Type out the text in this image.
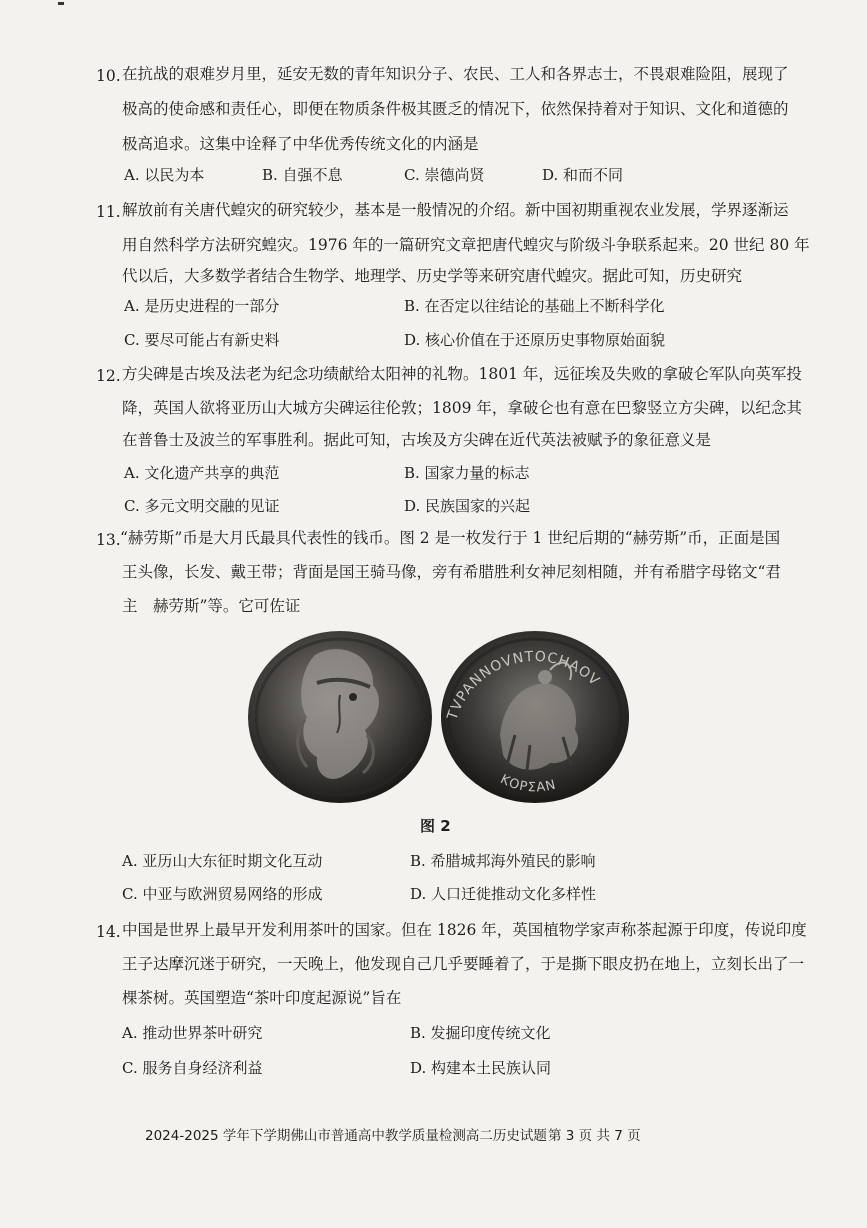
10. 在抗战的艰难岁月里，延安无数的青年知识分子、农民、工人和各界志士，不畏艰难险阻，展现了
极高的使命感和责任心，即便在物质条件极其匮乏的情况下，依然保持着对于知识、文化和道德的
极高追求。这集中诠释了中华优秀传统文化的内涵是
A. 以民为本	B. 自强不息	C. 崇德尚贤	D. 和而不同
11. 解放前有关唐代蝗灾的研究较少，基本是一般情况的介绍。新中国初期重视农业发展，学界逐渐运
用自然科学方法研究蝗灾。1976 年的一篇研究文章把唐代蝗灾与阶级斗争联系起来。20 世纪 80 年
代以后，大多数学者结合生物学、地理学、历史学等来研究唐代蝗灾。据此可知，历史研究
A. 是历史进程的一部分	B. 在否定以往结论的基础上不断科学化
C. 要尽可能占有新史料	D. 核心价值在于还原历史事物原始面貌
12. 方尖碑是古埃及法老为纪念功绩献给太阳神的礼物。1801 年，远征埃及失败的拿破仑军队向英军投
降，英国人欲将亚历山大城方尖碑运往伦敦；1809 年，拿破仑也有意在巴黎竖立方尖碑，以纪念其
在普鲁士及波兰的军事胜利。据此可知，古埃及方尖碑在近代英法被赋予的象征意义是
A. 文化遗产共享的典范	B. 国家力量的标志
C. 多元文明交融的见证	D. 民族国家的兴起
13. “赫劳斯”币是大月氏最具代表性的钱币。图 2 是一枚发行于 1 世纪后期的“赫劳斯”币，正面是国
王头像，长发、戴王带；背面是国王骑马像，旁有希腊胜利女神尼刻相随，并有希腊字母铭文“君
主　赫劳斯”等。它可佐证
TVPANNOVNTOCHAOV
ΚΟΡΣΑΝ
图 2
A. 亚历山大东征时期文化互动	B. 希腊城邦海外殖民的影响
C. 中亚与欧洲贸易网络的形成	D. 人口迁徙推动文化多样性
14. 中国是世界上最早开发利用茶叶的国家。但在 1826 年，英国植物学家声称茶起源于印度，传说印度
王子达摩沉迷于研究，一天晚上，他发现自己几乎要睡着了，于是撕下眼皮扔在地上，立刻长出了一
棵茶树。英国塑造“茶叶印度起源说”旨在
A. 推动世界茶叶研究	B. 发掘印度传统文化
C. 服务自身经济利益	D. 构建本土民族认同
2024-2025 学年下学期佛山市普通高中教学质量检测高二历史试题 第 3 页 共 7 页
